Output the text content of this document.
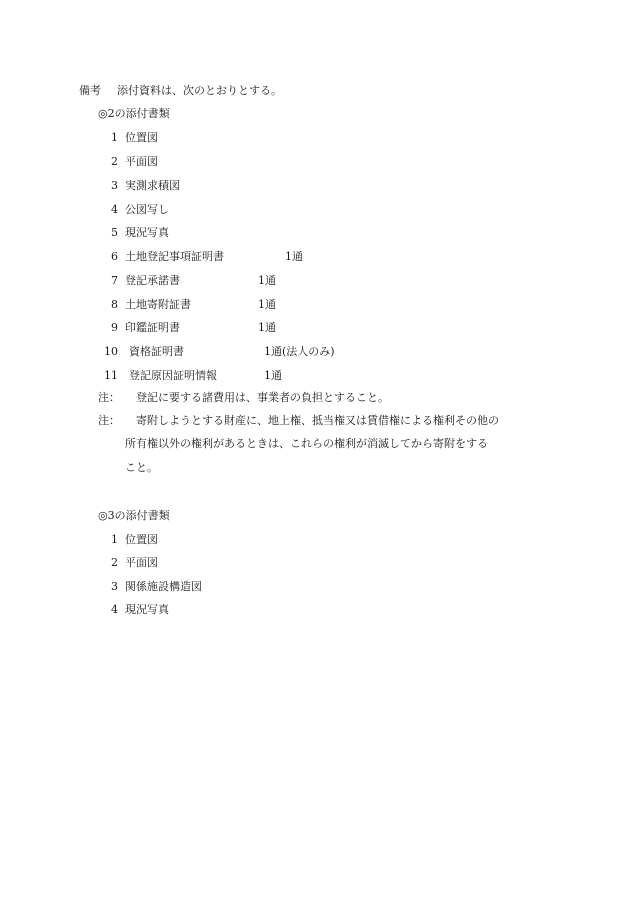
備考 添付資料は、次のとおりとする。
◎2の添付書類
1 位置図
2 平面図
3 実測求積図
4 公図写し
5 現況写真
6 土地登記事項証明書	1通
7 登記承諾書	1通
8 土地寄附証書	1通
9 印鑑証明書	1通
10 資格証明書	1通(法人のみ)
11 登記原因証明情報	1通
注： 登記に要する諸費用は、事業者の負担とすること。
注： 寄附しようとする財産に、地上権、抵当権又は賃借権による権利その他の
所有権以外の権利があるときは、これらの権利が消滅してから寄附をする
こと。
◎3の添付書類
1 位置図
2 平面図
3 関係施設構造図
4 現況写真
